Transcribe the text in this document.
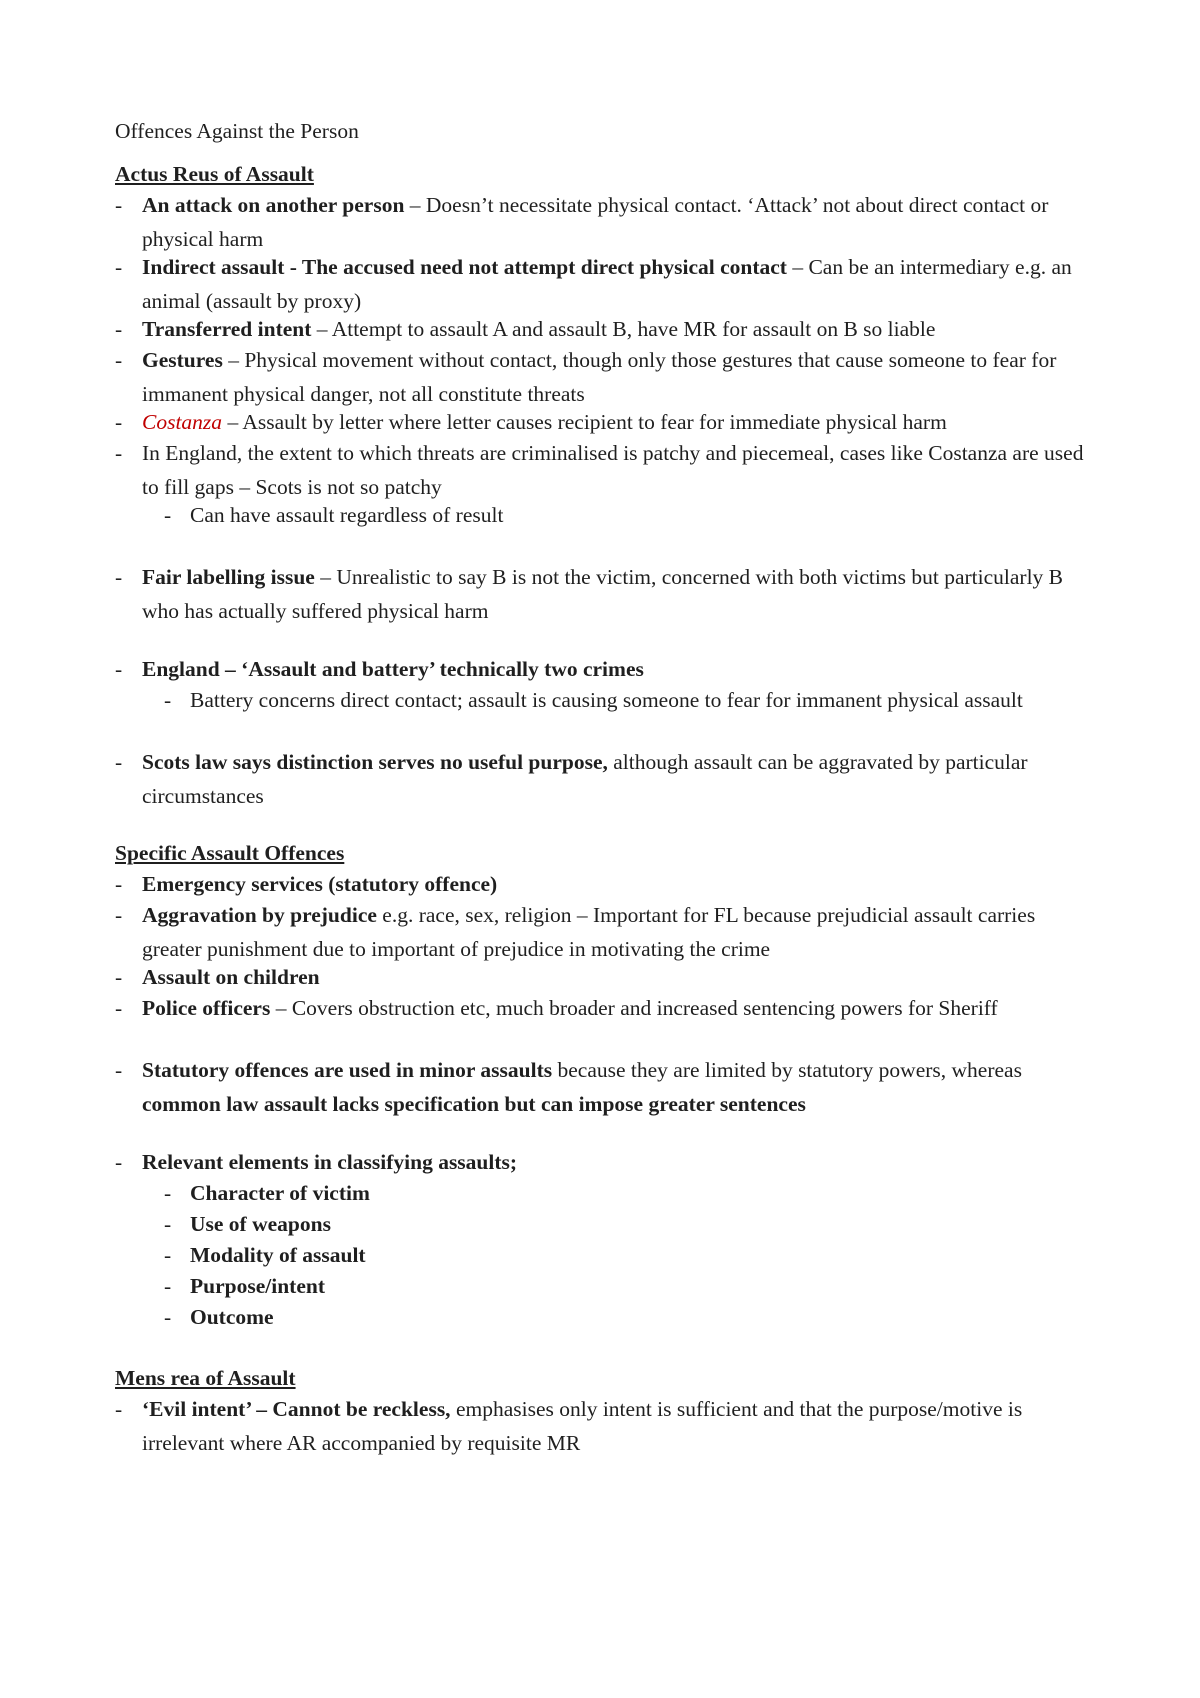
Offences Against the Person
Actus Reus of Assault
- An attack on another person – Doesn’t necessitate physical contact. ‘Attack’ not about direct contact or physical harm
- Indirect assault - The accused need not attempt direct physical contact – Can be an intermediary e.g. an animal (assault by proxy)
- Transferred intent – Attempt to assault A and assault B, have MR for assault on B so liable
- Gestures – Physical movement without contact, though only those gestures that cause someone to fear for immanent physical danger, not all constitute threats
- Costanza – Assault by letter where letter causes recipient to fear for immediate physical harm
- In England, the extent to which threats are criminalised is patchy and piecemeal, cases like Costanza are used to fill gaps – Scots is not so patchy
- Can have assault regardless of result
- Fair labelling issue – Unrealistic to say B is not the victim, concerned with both victims but particularly B who has actually suffered physical harm
- England – ‘Assault and battery’ technically two crimes
- Battery concerns direct contact; assault is causing someone to fear for immanent physical assault
- Scots law says distinction serves no useful purpose, although assault can be aggravated by particular circumstances
Specific Assault Offences
- Emergency services (statutory offence)
- Aggravation by prejudice e.g. race, sex, religion – Important for FL because prejudicial assault carries greater punishment due to important of prejudice in motivating the crime
- Assault on children
- Police officers – Covers obstruction etc, much broader and increased sentencing powers for Sheriff
- Statutory offences are used in minor assaults because they are limited by statutory powers, whereas common law assault lacks specification but can impose greater sentences
- Relevant elements in classifying assaults;
- Character of victim
- Use of weapons
- Modality of assault
- Purpose/intent
- Outcome
Mens rea of Assault
- ‘Evil intent’ – Cannot be reckless, emphasises only intent is sufficient and that the purpose/motive is irrelevant where AR accompanied by requisite MR
